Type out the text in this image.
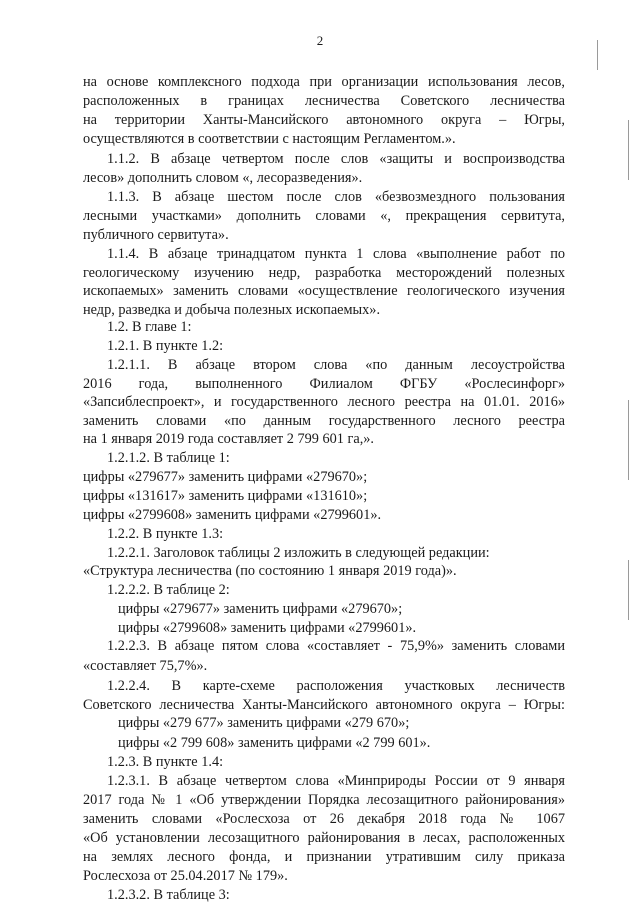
2
на основе комплексного подхода при организации использования лесов,
расположенных в границах лесничества Советского лесничества
на территории Ханты-Мансийского автономного округа – Югры,
осуществляются в соответствии с настоящим Регламентом.».
1.1.2. В абзаце четвертом после слов «защиты и воспроизводства
лесов» дополнить словом «, лесоразведения».
1.1.3. В абзаце шестом после слов «безвозмездного пользования
лесными участками» дополнить словами «, прекращения сервитута,
публичного сервитута».
1.1.4. В абзаце тринадцатом пункта 1 слова «выполнение работ по
геологическому изучению недр, разработка месторождений полезных
ископаемых» заменить словами «осуществление геологического изучения
недр, разведка и добыча полезных ископаемых».
1.2. В главе 1:
1.2.1. В пункте 1.2:
1.2.1.1. В абзаце втором слова «по данным лесоустройства
2016 года, выполненного Филиалом ФГБУ «Рослесинфорг»
«Запсиблеспроект», и государственного лесного реестра на 01.01. 2016»
заменить словами «по данным государственного лесного реестра
на 1 января 2019 года составляет 2 799 601 га,».
1.2.1.2. В таблице 1:
цифры «279677» заменить цифрами «279670»;
цифры «131617» заменить цифрами «131610»;
цифры «2799608» заменить цифрами «2799601».
1.2.2. В пункте 1.3:
1.2.2.1. Заголовок таблицы 2 изложить в следующей редакции:
«Структура лесничества (по состоянию 1 января 2019 года)».
1.2.2.2. В таблице 2:
цифры «279677» заменить цифрами «279670»;
цифры «2799608» заменить цифрами «2799601».
1.2.2.3. В абзаце пятом слова «составляет - 75,9%» заменить словами
«составляет 75,7%».
1.2.2.4. В карте-схеме расположения участковых лесничеств
Советского лесничества Ханты-Мансийского автономного округа – Югры:
цифры «279 677» заменить цифрами «279 670»;
цифры «2 799 608» заменить цифрами «2 799 601».
1.2.3. В пункте 1.4:
1.2.3.1. В абзаце четвертом слова «Минприроды России от 9 января
2017 года № 1 «Об утверждении Порядка лесозащитного районирования»
заменить словами «Рослесхоза от 26 декабря 2018 года № 1067
«Об установлении лесозащитного районирования в лесах, расположенных
на землях лесного фонда, и признании утратившим силу приказа
Рослесхоза от 25.04.2017 № 179».
1.2.3.2. В таблице 3:
